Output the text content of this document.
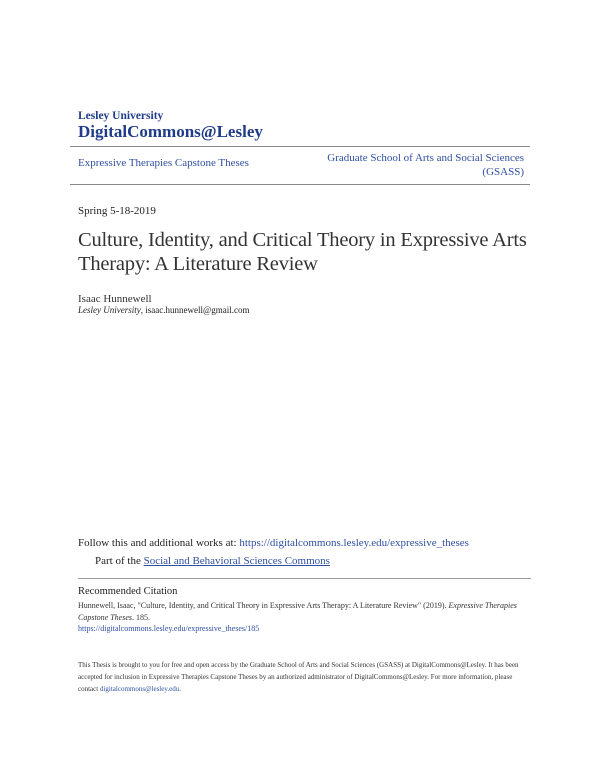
Lesley University
DigitalCommons@Lesley
Expressive Therapies Capstone Theses	Graduate School of Arts and Social Sciences
(GSASS)
Spring 5-18-2019
Culture, Identity, and Critical Theory in Expressive Arts Therapy: A Literature Review
Isaac Hunnewell
Lesley University, isaac.hunnewell@gmail.com
Follow this and additional works at: https://digitalcommons.lesley.edu/expressive_theses
Part of the Social and Behavioral Sciences Commons
Recommended Citation
Hunnewell, Isaac, "Culture, Identity, and Critical Theory in Expressive Arts Therapy: A Literature Review" (2019). Expressive Therapies Capstone Theses. 185.
https://digitalcommons.lesley.edu/expressive_theses/185
This Thesis is brought to you for free and open access by the Graduate School of Arts and Social Sciences (GSASS) at DigitalCommons@Lesley. It has been accepted for inclusion in Expressive Therapies Capstone Theses by an authorized administrator of DigitalCommons@Lesley. For more information, please contact digitalcommons@lesley.edu.
